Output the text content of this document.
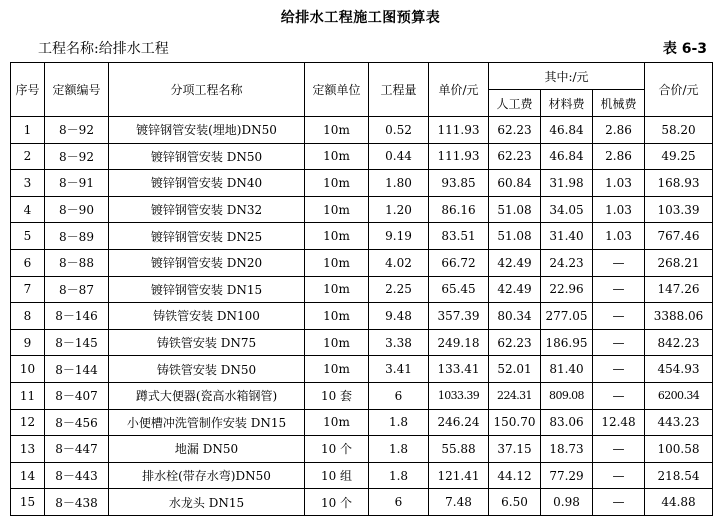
给排水工程施工图预算表
工程名称:给排水工程	表 6-3
序号	定额编号	分项工程名称	定额单位	工程量	单价/元	其中:/元			合价/元
						人工费	材料费	机械费	
1	8－92	镀锌钢管安装(埋地)DN50	10m	0.52	111.93	62.23	46.84	2.86	58.20
2	8－92	镀锌钢管安装 DN50	10m	0.44	111.93	62.23	46.84	2.86	49.25
3	8－91	镀锌钢管安装 DN40	10m	1.80	93.85	60.84	31.98	1.03	168.93
4	8－90	镀锌钢管安装 DN32	10m	1.20	86.16	51.08	34.05	1.03	103.39
5	8－89	镀锌钢管安装 DN25	10m	9.19	83.51	51.08	31.40	1.03	767.46
6	8－88	镀锌钢管安装 DN20	10m	4.02	66.72	42.49	24.23	—	268.21
7	8－87	镀锌钢管安装 DN15	10m	2.25	65.45	42.49	22.96	—	147.26
8	8－146	铸铁管安装 DN100	10m	9.48	357.39	80.34	277.05	—	3388.06
9	8－145	铸铁管安装 DN75	10m	3.38	249.18	62.23	186.95	—	842.23
10	8－144	铸铁管安装 DN50	10m	3.41	133.41	52.01	81.40	—	454.93
11	8－407	蹲式大便器(瓷高水箱钢管)	10 套	6	1033.39	224.31	809.08	—	6200.34
12	8－456	小便槽冲洗管制作安装 DN15	10m	1.8	246.24	150.70	83.06	12.48	443.23
13	8－447	地漏 DN50	10 个	1.8	55.88	37.15	18.73	—	100.58
14	8－443	排水栓(带存水弯)DN50	10 组	1.8	121.41	44.12	77.29	—	218.54
15	8－438	水龙头 DN15	10 个	6	7.48	6.50	0.98	—	44.88
